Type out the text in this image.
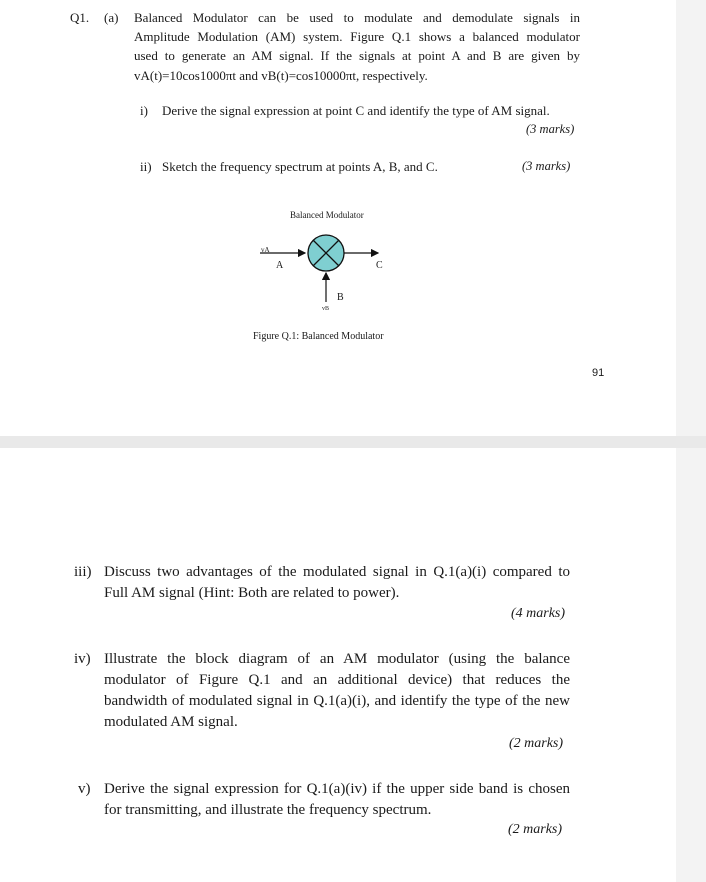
Q1. (a) Balanced Modulator can be used to modulate and demodulate signals in
Amplitude Modulation (AM) system. Figure Q.1 shows a balanced modulator
used to generate an AM signal. If the signals at point A and B are given by
vA(t)=10cos1000πt and vB(t)=cos10000πt, respectively.
i) Derive the signal expression at point C and identify the type of AM signal.
(3 marks)
ii) Sketch the frequency spectrum at points A, B, and C.	(3 marks)
Balanced Modulator
vA
A	C
B
vB
Figure Q.1: Balanced Modulator
91
iii) Discuss two advantages of the modulated signal in Q.1(a)(i) compared to
Full AM signal (Hint: Both are related to power).
(4 marks)
iv) Illustrate the block diagram of an AM modulator (using the balance
modulator of Figure Q.1 and an additional device) that reduces the
bandwidth of modulated signal in Q.1(a)(i), and identify the type of the new
modulated AM signal.
(2 marks)
v) Derive the signal expression for Q.1(a)(iv) if the upper side band is chosen
for transmitting, and illustrate the frequency spectrum.
(2 marks)
